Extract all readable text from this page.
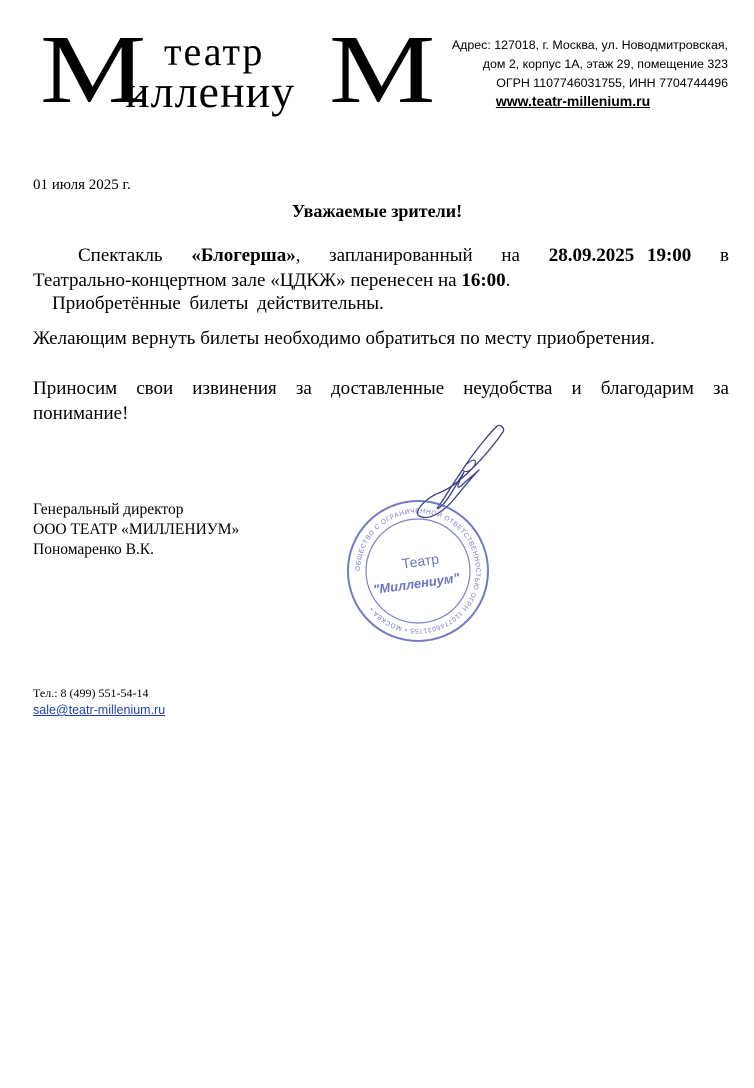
М театр
иллениу М	Адрес: 127018, г. Москва, ул. Новодмитровская,
дом 2, корпус 1А, этаж 29, помещение 323
ОГРН 1107746031755, ИНН 7704744496
www.teatr-millenium.ru
01 июля 2025 г.
Уважаемые зрители!
Спектакль «Блогерша», запланированный на 28.09.2025 19:00 в
Театрально-концертном зале «ЦДКЖ» перенесен на 16:00.
Приобретённые билеты действительны.
Желающим вернуть билеты необходимо обратиться по месту приобретения.
Приносим свои извинения за доставленные неудобства и благодарим за
понимание!
Генеральный директор
ООО ТЕАТР «МИЛЛЕНИУМ»
Пономаренко В.К.
ОБЩЕСТВО С ОГРАНИЧЕННОЙ ОТВЕТСТВЕННОСТЬЮ ОГРН 1107746031755 • МОСКВА •
Театр
"Миллениум"
Тел.: 8 (499) 551-54-14
sale@teatr-millenium.ru
